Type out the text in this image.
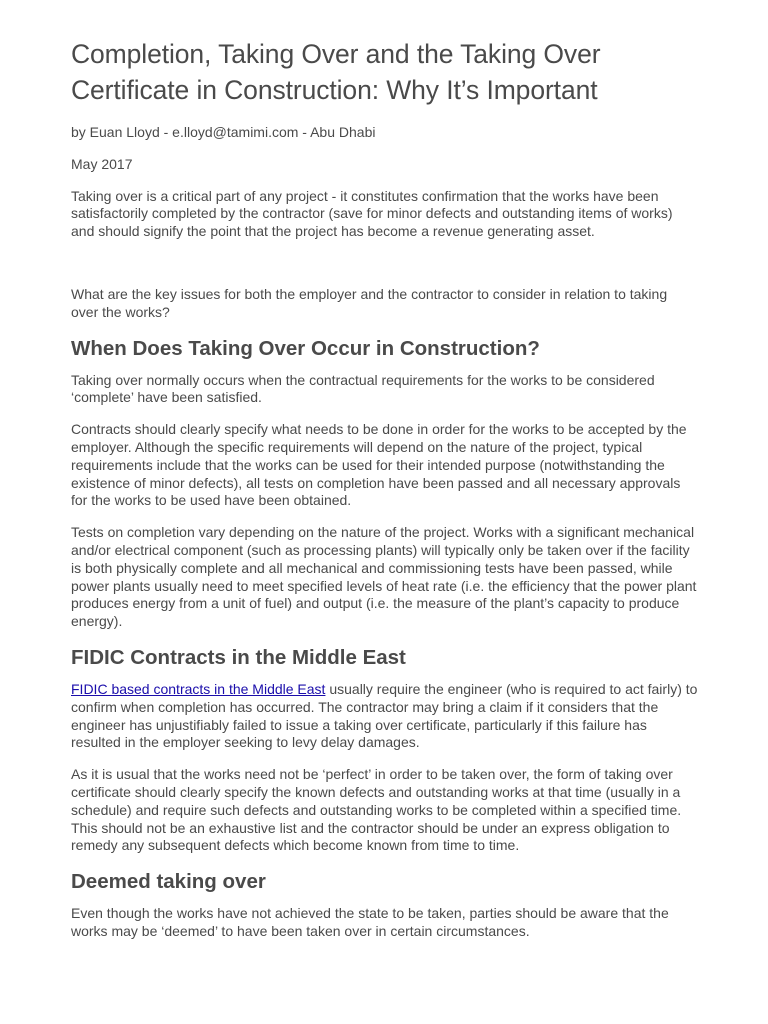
Completion, Taking Over and the Taking Over Certificate in Construction: Why It’s Important

by Euan Lloyd - e.lloyd@tamimi.com - Abu Dhabi

May 2017

Taking over is a critical part of any project - it constitutes confirmation that the works have been satisfactorily completed by the contractor (save for minor defects and outstanding items of works) and should signify the point that the project has become a revenue generating asset.

What are the key issues for both the employer and the contractor to consider in relation to taking over the works?

When Does Taking Over Occur in Construction?

Taking over normally occurs when the contractual requirements for the works to be considered ‘complete’ have been satisfied.

Contracts should clearly specify what needs to be done in order for the works to be accepted by the employer. Although the specific requirements will depend on the nature of the project, typical requirements include that the works can be used for their intended purpose (notwithstanding the existence of minor defects), all tests on completion have been passed and all necessary approvals for the works to be used have been obtained.

Tests on completion vary depending on the nature of the project. Works with a significant mechanical and/or electrical component (such as processing plants) will typically only be taken over if the facility is both physically complete and all mechanical and commissioning tests have been passed, while power plants usually need to meet specified levels of heat rate (i.e. the efficiency that the power plant produces energy from a unit of fuel) and output (i.e. the measure of the plant’s capacity to produce energy).

FIDIC Contracts in the Middle East

FIDIC based contracts in the Middle East usually require the engineer (who is required to act fairly) to confirm when completion has occurred. The contractor may bring a claim if it considers that the engineer has unjustifiably failed to issue a taking over certificate, particularly if this failure has resulted in the employer seeking to levy delay damages.

As it is usual that the works need not be ‘perfect’ in order to be taken over, the form of taking over certificate should clearly specify the known defects and outstanding works at that time (usually in a schedule) and require such defects and outstanding works to be completed within a specified time. This should not be an exhaustive list and the contractor should be under an express obligation to remedy any subsequent defects which become known from time to time.

Deemed taking over

Even though the works have not achieved the state to be taken, parties should be aware that the works may be ‘deemed’ to have been taken over in certain circumstances.
